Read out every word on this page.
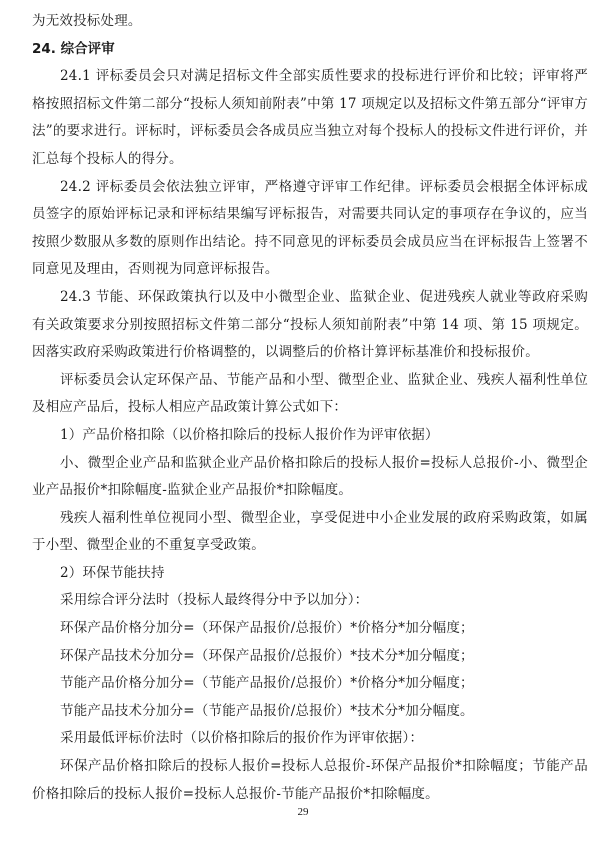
为无效投标处理。

24. 综合评审

24.1 评标委员会只对满足招标文件全部实质性要求的投标进行评价和比较；评审将严格按照招标文件第二部分“投标人须知前附表”中第 17 项规定以及招标文件第五部分“评审方法”的要求进行。评标时，评标委员会各成员应当独立对每个投标人的投标文件进行评价，并汇总每个投标人的得分。

24.2 评标委员会依法独立评审，严格遵守评审工作纪律。评标委员会根据全体评标成员签字的原始评标记录和评标结果编写评标报告，对需要共同认定的事项存在争议的，应当按照少数服从多数的原则作出结论。持不同意见的评标委员会成员应当在评标报告上签署不同意见及理由，否则视为同意评标报告。

24.3 节能、环保政策执行以及中小微型企业、监狱企业、促进残疾人就业等政府采购有关政策要求分别按照招标文件第二部分“投标人须知前附表”中第 14 项、第 15 项规定。因落实政府采购政策进行价格调整的，以调整后的价格计算评标基准价和投标报价。

评标委员会认定环保产品、节能产品和小型、微型企业、监狱企业、残疾人福利性单位及相应产品后，投标人相应产品政策计算公式如下：

1）产品价格扣除（以价格扣除后的投标人报价作为评审依据）

小、微型企业产品和监狱企业产品价格扣除后的投标人报价=投标人总报价-小、微型企业产品报价*扣除幅度-监狱企业产品报价*扣除幅度。

残疾人福利性单位视同小型、微型企业，享受促进中小企业发展的政府采购政策，如属于小型、微型企业的不重复享受政策。

2）环保节能扶持

采用综合评分法时（投标人最终得分中予以加分）：

环保产品价格分加分=（环保产品报价/总报价）*价格分*加分幅度；

环保产品技术分加分=（环保产品报价/总报价）*技术分*加分幅度；

节能产品价格分加分=（节能产品报价/总报价）*价格分*加分幅度；

节能产品技术分加分=（节能产品报价/总报价）*技术分*加分幅度。

采用最低评标价法时（以价格扣除后的报价作为评审依据）：

环保产品价格扣除后的投标人报价=投标人总报价-环保产品报价*扣除幅度；节能产品价格扣除后的投标人报价=投标人总报价-节能产品报价*扣除幅度。

29
